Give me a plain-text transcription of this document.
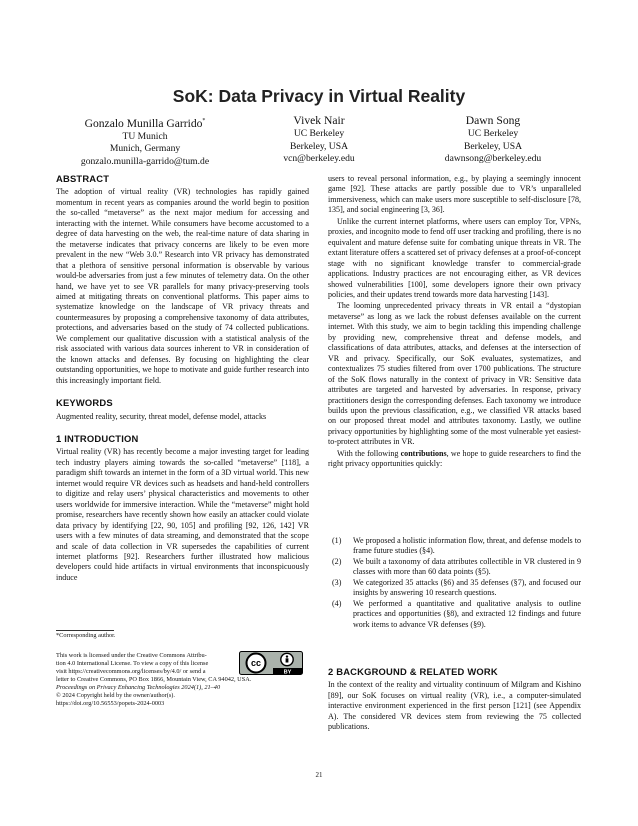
SoK: Data Privacy in Virtual Reality
Gonzalo Munilla Garrido*
TU Munich
Munich, Germany
gonzalo.munilla-garrido@tum.de
Vivek Nair
UC Berkeley
Berkeley, USA
vcn@berkeley.edu
Dawn Song
UC Berkeley
Berkeley, USA
dawnsong@berkeley.edu
ABSTRACT

The adoption of virtual reality (VR) technologies has rapidly gained momentum in recent years as companies around the world begin to position the so-called “metaverse” as the next major medium for accessing and interacting with the internet. While consumers have become accustomed to a degree of data harvesting on the web, the real-time nature of data sharing in the metaverse indicates that privacy concerns are likely to be even more prevalent in the new “Web 3.0.” Research into VR privacy has demonstrated that a plethora of sensitive personal information is observable by various would-be adversaries from just a few minutes of telemetry data. On the other hand, we have yet to see VR parallels for many privacy-preserving tools aimed at mitigating threats on conventional platforms. This paper aims to systematize knowledge on the landscape of VR privacy threats and countermeasures by proposing a comprehensive taxonomy of data attributes, protections, and adversaries based on the study of 74 collected publications. We complement our qualitative discussion with a statistical analysis of the risk associated with various data sources inherent to VR in consideration of the known attacks and defenses. By focusing on highlighting the clear outstanding opportunities, we hope to motivate and guide further research into this increasingly important field.

KEYWORDS

Augmented reality, security, threat model, defense model, attacks

1 INTRODUCTION

Virtual reality (VR) has recently become a major investing target for leading tech industry players aiming towards the so-called “metaverse” [118], a paradigm shift towards an internet in the form of a 3D virtual world. This new internet would require VR devices such as headsets and hand-held controllers to digitize and relay users’ physical characteristics and movements to other users worldwide for immersive interaction. While the “metaverse” might hold promise, researchers have recently shown how easily an attacker could violate data privacy by identifying [22, 90, 105] and profiling [92, 126, 142] VR users with a few minutes of data streaming, and demonstrated that the scope and scale of data collection in VR supersedes the capabilities of current internet platforms [92]. Researchers further illustrated how malicious developers could hide artifacts in virtual environments that inconspicuously induce

*Corresponding author.
This work is licensed under the Creative Commons Attribu-
tion 4.0 International License. To view a copy of this license
visit https://creativecommons.org/licenses/by/4.0/ or send a
letter to Creative Commons, PO Box 1866, Mountain View, CA 94042, USA.
Proceedings on Privacy Enhancing Technologies 2024(1), 21–40
© 2024 Copyright held by the owner/author(s).
https://doi.org/10.56553/popets-2024-0003
cc
BY

users to reveal personal information, e.g., by playing a seemingly innocent game [92]. These attacks are partly possible due to VR’s unparalleled immersiveness, which can make users more susceptible to self-disclosure [78, 135], and social engineering [3, 36].

Unlike the current internet platforms, where users can employ Tor, VPNs, proxies, and incognito mode to fend off user tracking and profiling, there is no equivalent and mature defense suite for combating unique threats in VR. The extant literature offers a scattered set of privacy defenses at a proof-of-concept stage with no significant knowledge transfer to commercial-grade applications. Industry practices are not encouraging either, as VR devices showed vulnerabilities [100], some developers ignore their own privacy policies, and their updates trend towards more data harvesting [143].

The looming unprecedented privacy threats in VR entail a “dystopian metaverse” as long as we lack the robust defenses available on the current internet. With this study, we aim to begin tackling this impending challenge by providing new, comprehensive threat and defense models, and classifications of data attributes, attacks, and defenses at the intersection of VR and privacy. Specifically, our SoK evaluates, systematizes, and contextualizes 75 studies filtered from over 1700 publications. The structure of the SoK flows naturally in the context of privacy in VR: Sensitive data attributes are targeted and harvested by adversaries. In response, privacy practitioners design the corresponding defenses. Each taxonomy we introduce builds upon the previous classification, e.g., we classified VR attacks based on our proposed threat model and attributes taxonomy. Lastly, we outline privacy opportunities by highlighting some of the most vulnerable yet easiest-to-protect attributes in VR.

With the following contributions, we hope to guide researchers to find the right privacy opportunities quickly:

(1) We proposed a holistic information flow, threat, and defense models to frame future studies (§4).
(2) We built a taxonomy of data attributes collectible in VR clustered in 9 classes with more than 60 data points (§5).
(3) We categorized 35 attacks (§6) and 35 defenses (§7), and focused our insights by answering 10 research questions.
(4) We performed a quantitative and qualitative analysis to outline practices and opportunities (§8), and extracted 12 findings and future work items to advance VR defenses (§9).
2 BACKGROUND & RELATED WORK

In the context of the reality and virtuality continuum of Milgram and Kishino [89], our SoK focuses on virtual reality (VR), i.e., a computer-simulated interactive environment experienced in the first person [121] (see Appendix A). The considered VR devices stem from reviewing the 75 collected publications.

21
